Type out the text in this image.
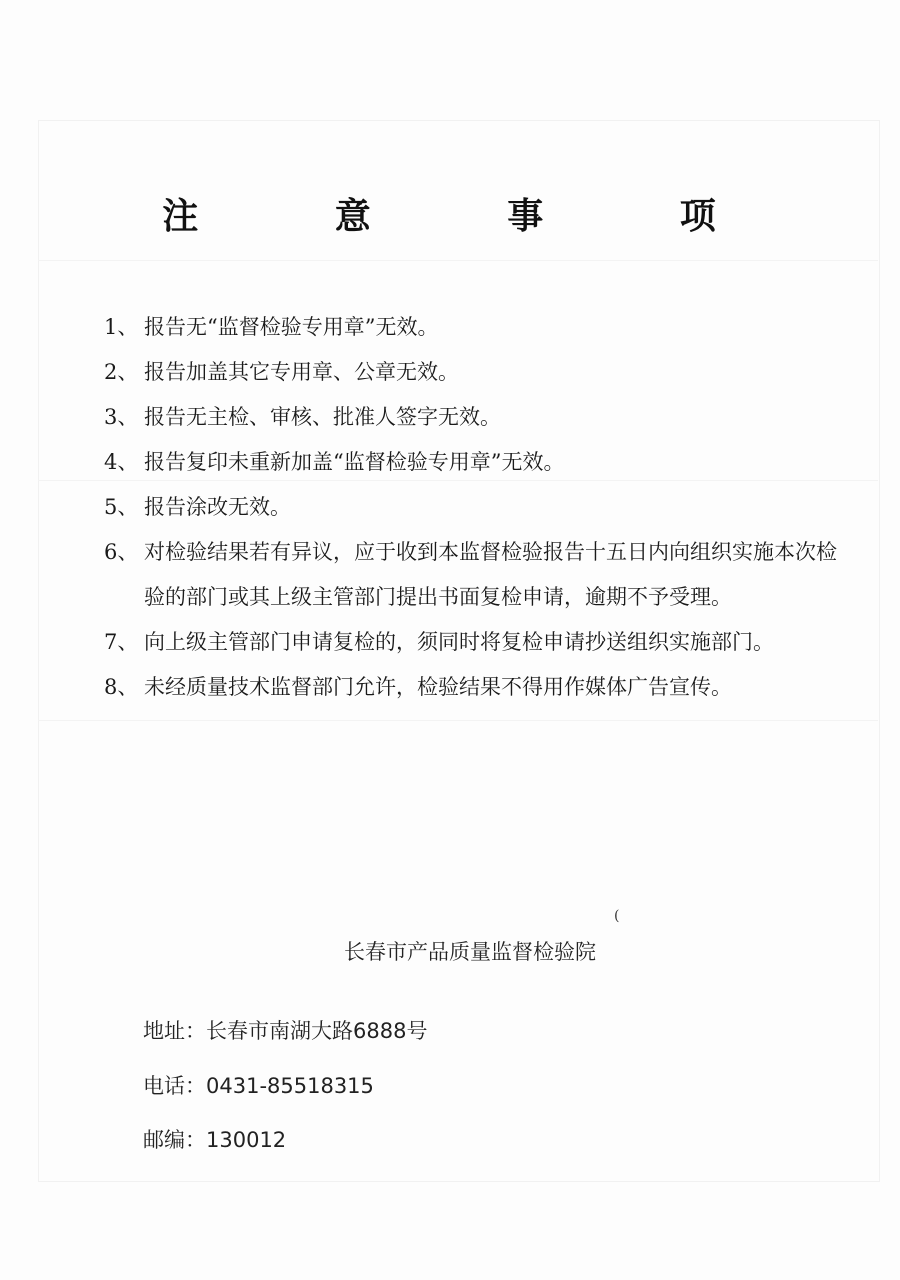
注 意 事 项
1、 报告无“监督检验专用章”无效。
2、 报告加盖其它专用章、公章无效。
3、 报告无主检、审核、批准人签字无效。
4、 报告复印未重新加盖“监督检验专用章”无效。
5、 报告涂改无效。
6、 对检验结果若有异议，应于收到本监督检验报告十五日内向组织实施本次检验的部门或其上级主管部门提出书面复检申请，逾期不予受理。
7、 向上级主管部门申请复检的，须同时将复检申请抄送组织实施部门。
8、 未经质量技术监督部门允许，检验结果不得用作媒体广告宣传。
(
长春市产品质量监督检验院
地址：长春市南湖大路6888号
电话：0431-85518315
邮编：130012
